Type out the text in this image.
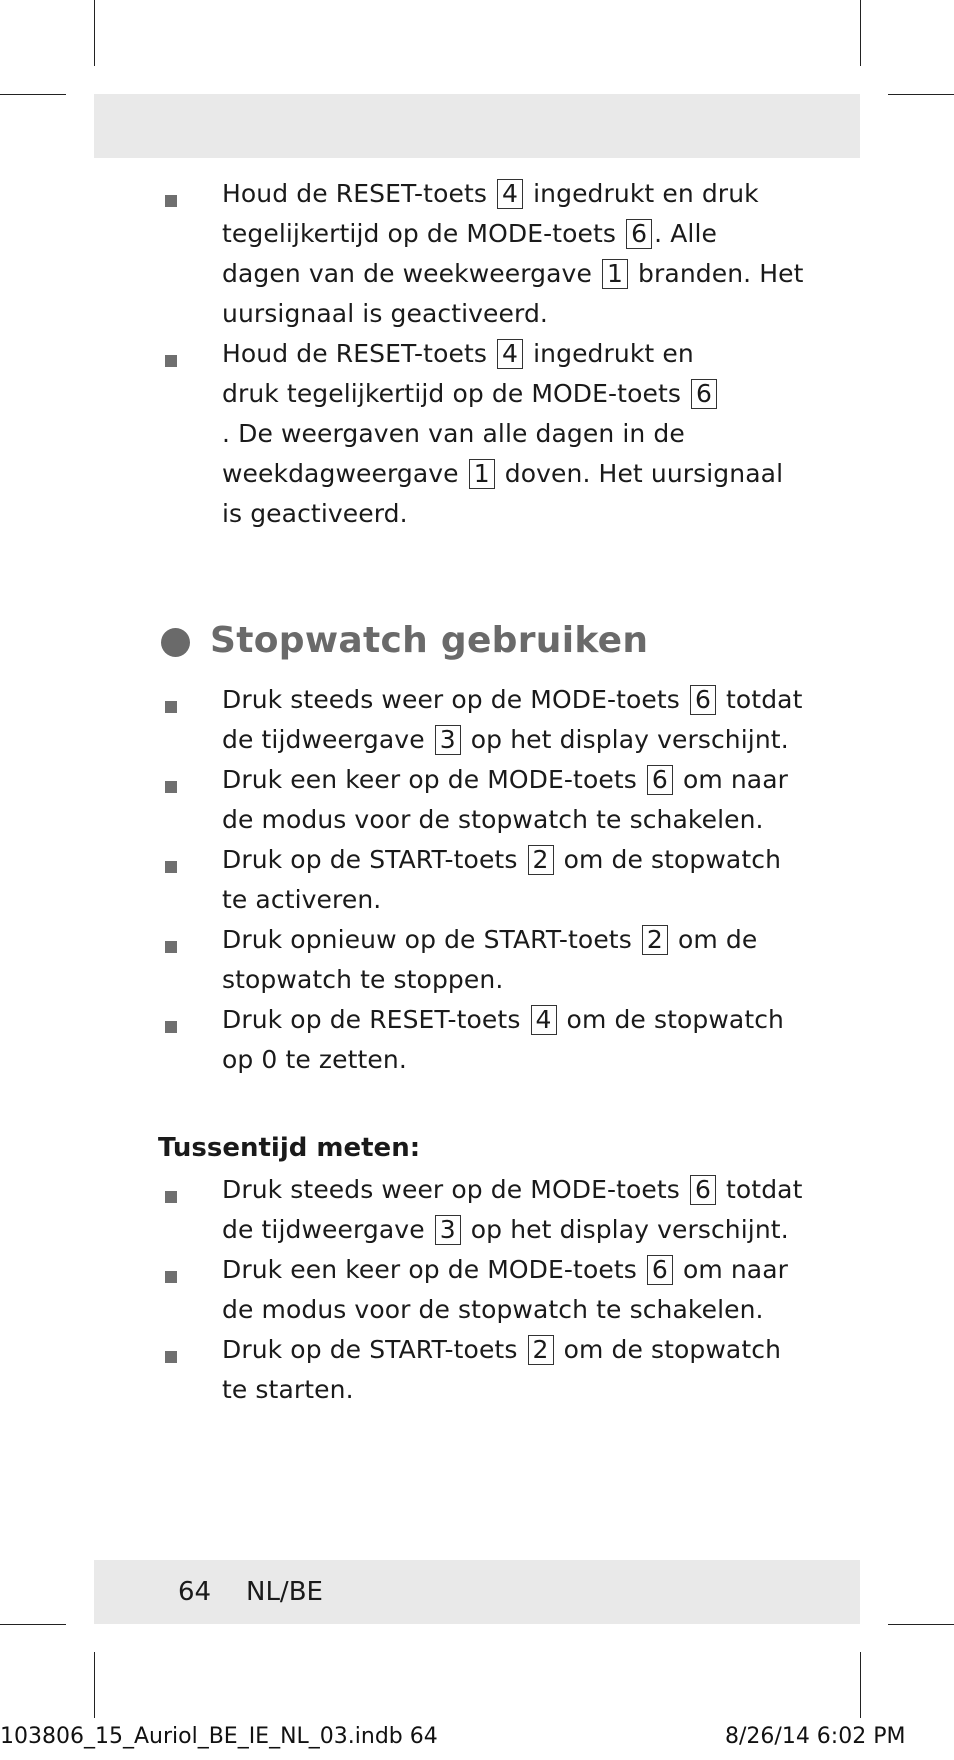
Houd de RESET-toets 4 ingedrukt en druk
tegelijkertijd op de MODE-toets 6 . Alle
dagen van de weekweergave 1 branden. Het
uursignaal is geactiveerd.
Houd de RESET-toets 4 ingedrukt en
druk tegelijkertijd op de MODE-toets 6
. De weergaven van alle dagen in de
weekdagweergave 1 doven. Het uursignaal
is geactiveerd.
Stopwatch gebruiken
Druk steeds weer op de MODE-toets 6 totdat
de tijdweergave 3 op het display verschijnt.
Druk een keer op de MODE-toets 6 om naar
de modus voor de stopwatch te schakelen.
Druk op de START-toets 2 om de stopwatch
te activeren.
Druk opnieuw op de START-toets 2 om de
stopwatch te stoppen.
Druk op de RESET-toets 4 om de stopwatch
op 0 te zetten.
Tussentijd meten:
Druk steeds weer op de MODE-toets 6 totdat
de tijdweergave 3 op het display verschijnt.
Druk een keer op de MODE-toets 6 om naar
de modus voor de stopwatch te schakelen.
Druk op de START-toets 2 om de stopwatch
te starten.
64 NL/BE
103806_15_Auriol_BE_IE_NL_03.indb 64	8/26/14 6:02 PM
